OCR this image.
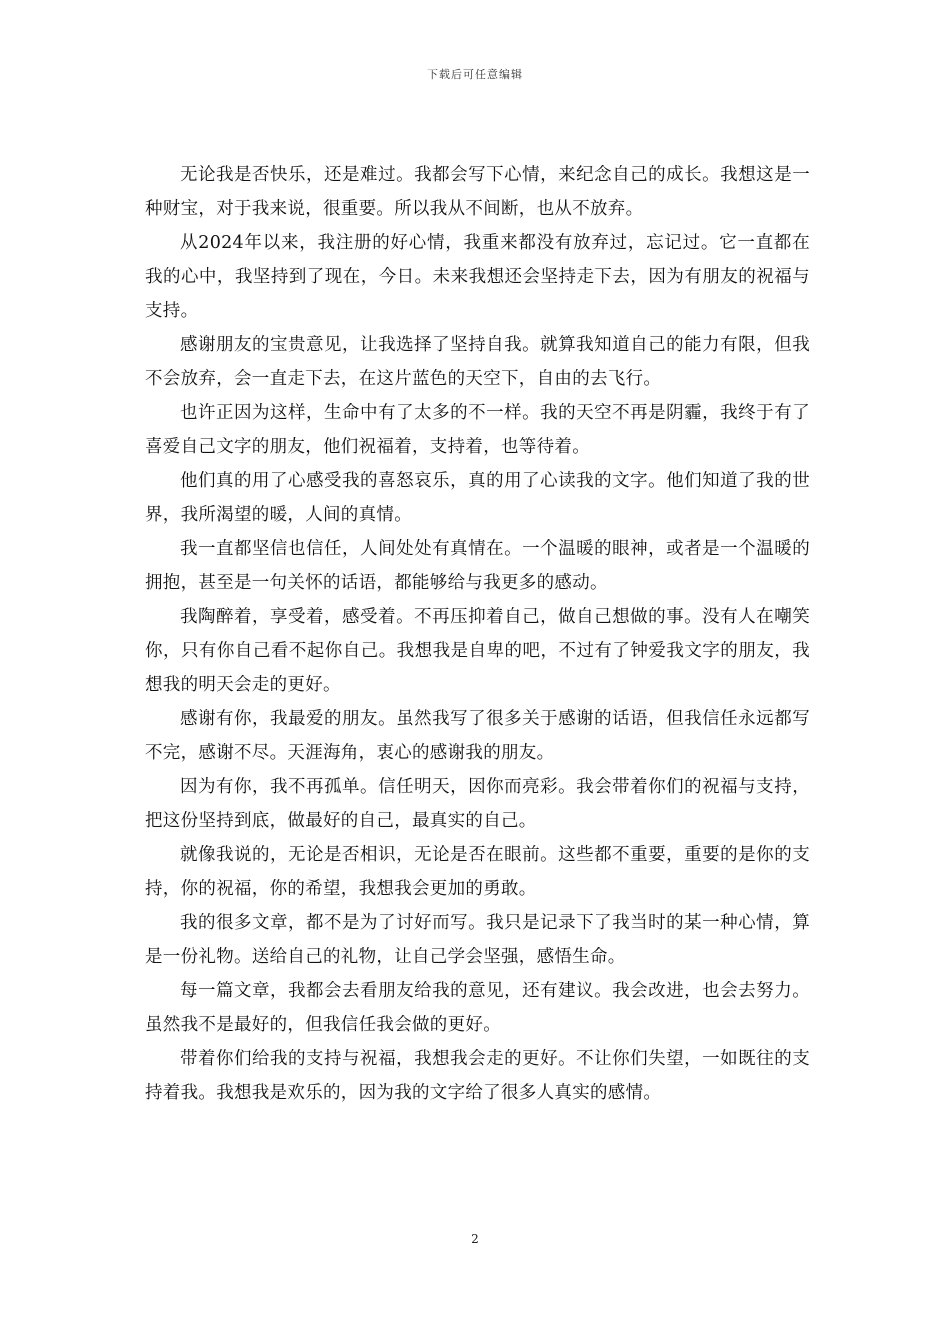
下载后可任意编辑

无论我是否快乐，还是难过。我都会写下心情，来纪念自己的成长。我想这是一种财宝，对于我来说，很重要。所以我从不间断，也从不放弃。

从2024年以来，我注册的好心情，我重来都没有放弃过，忘记过。它一直都在我的心中，我坚持到了现在，今日。未来我想还会坚持走下去，因为有朋友的祝福与支持。

感谢朋友的宝贵意见，让我选择了坚持自我。就算我知道自己的能力有限，但我不会放弃，会一直走下去，在这片蓝色的天空下，自由的去飞行。

也许正因为这样，生命中有了太多的不一样。我的天空不再是阴霾，我终于有了喜爱自己文字的朋友，他们祝福着，支持着，也等待着。

他们真的用了心感受我的喜怒哀乐，真的用了心读我的文字。他们知道了我的世界，我所渴望的暖，人间的真情。

我一直都坚信也信任，人间处处有真情在。一个温暖的眼神，或者是一个温暖的拥抱，甚至是一句关怀的话语，都能够给与我更多的感动。

我陶醉着，享受着，感受着。不再压抑着自己，做自己想做的事。没有人在嘲笑你，只有你自己看不起你自己。我想我是自卑的吧，不过有了钟爱我文字的朋友，我想我的明天会走的更好。

感谢有你，我最爱的朋友。虽然我写了很多关于感谢的话语，但我信任永远都写不完，感谢不尽。天涯海角，衷心的感谢我的朋友。

因为有你，我不再孤单。信任明天，因你而亮彩。我会带着你们的祝福与支持，把这份坚持到底，做最好的自己，最真实的自己。

就像我说的，无论是否相识，无论是否在眼前。这些都不重要，重要的是你的支持，你的祝福，你的希望，我想我会更加的勇敢。

我的很多文章，都不是为了讨好而写。我只是记录下了我当时的某一种心情，算是一份礼物。送给自己的礼物，让自己学会坚强，感悟生命。

每一篇文章，我都会去看朋友给我的意见，还有建议。我会改进，也会去努力。虽然我不是最好的，但我信任我会做的更好。

带着你们给我的支持与祝福，我想我会走的更好。不让你们失望，一如既往的支持着我。我想我是欢乐的，因为我的文字给了很多人真实的感情。

2
